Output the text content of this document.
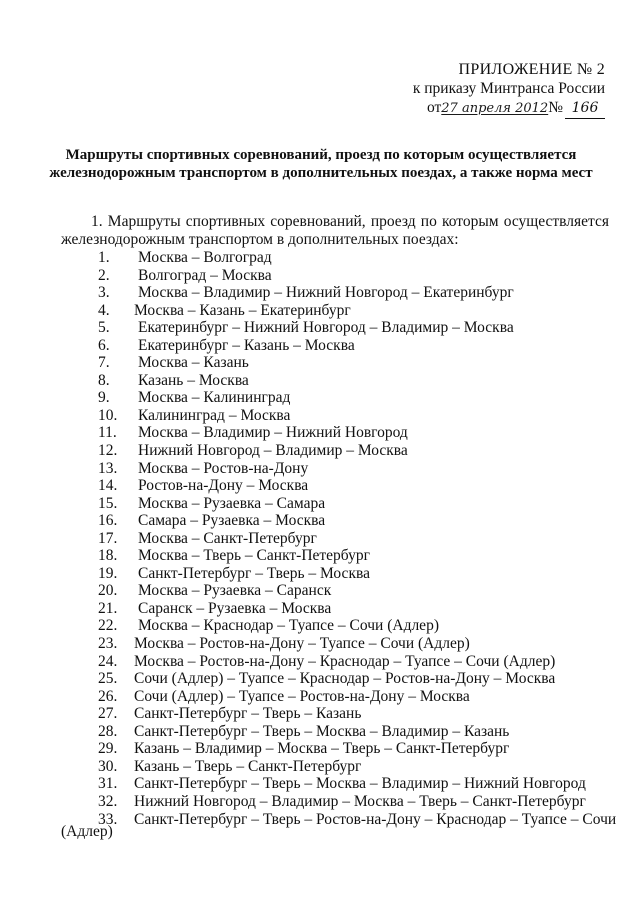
ПРИЛОЖЕНИЕ № 2
к приказу Минтранса России
от27 апреля 2012№ 166
Маршруты спортивных соревнований, проезд по которым осуществляется железнодорожным транспортом в дополнительных поездах, а также норма мест
1. Маршруты спортивных соревнований, проезд по которым осуществляется железнодорожным транспортом в дополнительных поездах:
1.	Москва – Волгоград
2.	Волгоград – Москва
3.	Москва – Владимир – Нижний Новгород – Екатеринбург
4.	Москва – Казань – Екатеринбург
5.	Екатеринбург – Нижний Новгород – Владимир – Москва
6.	Екатеринбург – Казань – Москва
7.	Москва – Казань
8.	Казань – Москва
9.	Москва – Калининград
10.	Калининград – Москва
11.	Москва – Владимир – Нижний Новгород
12.	Нижний Новгород – Владимир – Москва
13.	Москва – Ростов-на-Дону
14.	Ростов-на-Дону – Москва
15.	Москва – Рузаевка – Самара
16.	Самара – Рузаевка – Москва
17.	Москва – Санкт-Петербург
18.	Москва – Тверь – Санкт-Петербург
19.	Санкт-Петербург – Тверь – Москва
20.	Москва – Рузаевка – Саранск
21.	Саранск – Рузаевка – Москва
22.	Москва – Краснодар – Туапсе – Сочи (Адлер)
23.	Москва – Ростов-на-Дону – Туапсе – Сочи (Адлер)
24.	Москва – Ростов-на-Дону – Краснодар – Туапсе – Сочи (Адлер)
25.	Сочи (Адлер) – Туапсе – Краснодар – Ростов-на-Дону – Москва
26.	Сочи (Адлер) – Туапсе – Ростов-на-Дону – Москва
27.	Санкт-Петербург – Тверь – Казань
28.	Санкт-Петербург – Тверь – Москва – Владимир – Казань
29.	Казань – Владимир – Москва – Тверь – Санкт-Петербург
30.	Казань – Тверь – Санкт-Петербург
31.	Санкт-Петербург – Тверь – Москва – Владимир – Нижний Новгород
32.	Нижний Новгород – Владимир – Москва – Тверь – Санкт-Петербург
33.	Санкт-Петербург – Тверь – Ростов-на-Дону – Краснодар – Туапсе – Сочи
(Адлер)
